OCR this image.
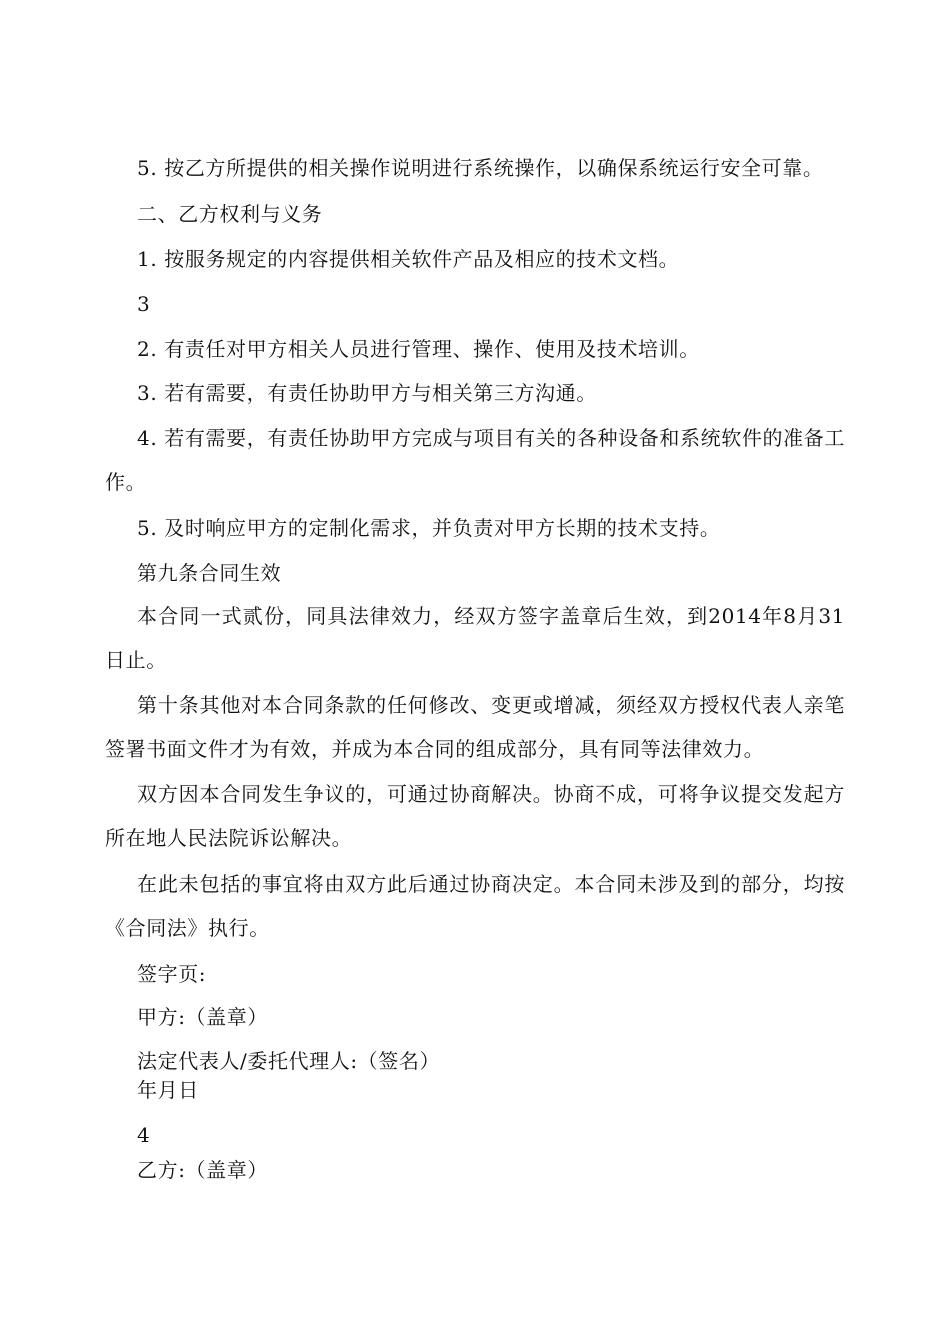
5. 按乙方所提供的相关操作说明进行系统操作，以确保系统运行安全可靠。
二、乙方权利与义务
1. 按服务规定的内容提供相关软件产品及相应的技术文档。
3
2. 有责任对甲方相关人员进行管理、操作、使用及技术培训。
3. 若有需要，有责任协助甲方与相关第三方沟通。
4. 若有需要，有责任协助甲方完成与项目有关的各种设备和系统软件的准备工作。
5. 及时响应甲方的定制化需求，并负责对甲方长期的技术支持。
第九条合同生效
本合同一式贰份，同具法律效力，经双方签字盖章后生效，到2014年8月31日止。
第十条其他对本合同条款的任何修改、变更或增减，须经双方授权代表人亲笔签署书面文件才为有效，并成为本合同的组成部分，具有同等法律效力。
双方因本合同发生争议的，可通过协商解决。协商不成，可将争议提交发起方所在地人民法院诉讼解决。
在此未包括的事宜将由双方此后通过协商决定。本合同未涉及到的部分，均按《合同法》执行。
签字页:
甲方:（盖章）
法定代表人/委托代理人:（签名）
年月日
4
乙方:（盖章）
